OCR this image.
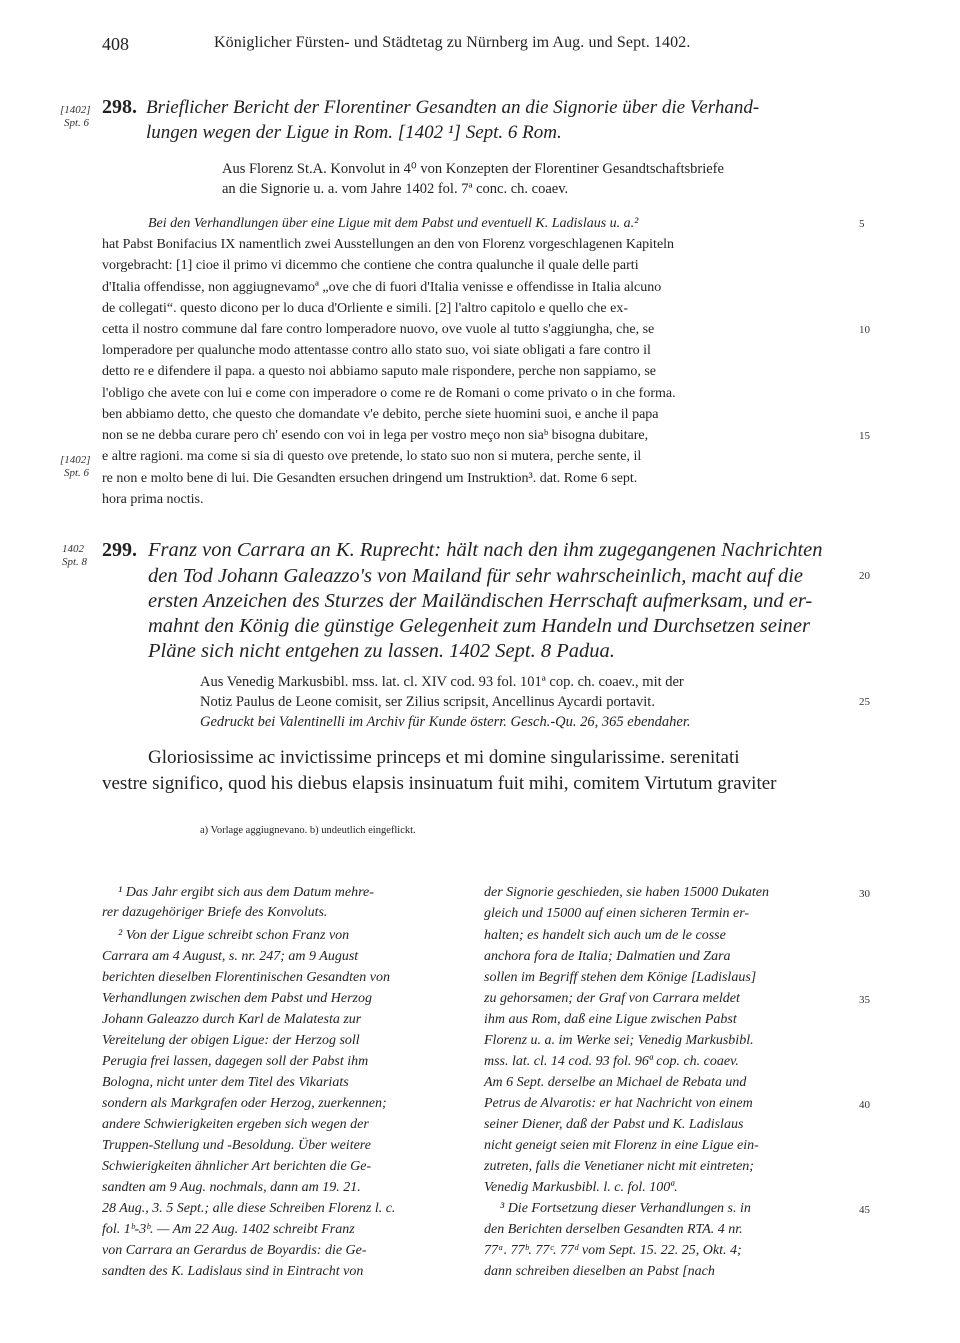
408	Königlicher Fürsten- und Städtetag zu Nürnberg im Aug. und Sept. 1402.
[1402]
Spt. 6
298. Brieflicher Bericht der Florentiner Gesandten an die Signorie über die Verhand-
lungen wegen der Ligue in Rom. [1402 ¹] Sept. 6 Rom.
Aus Florenz St.A. Konvolut in 4⁰ von Konzepten der Florentiner Gesandtschaftsbriefe
an die Signorie u. a. vom Jahre 1402 fol. 7ª conc. ch. coaev.
Bei den Verhandlungen über eine Ligue mit dem Pabst und eventuell K. Ladislaus u. a.²	5
hat Pabst Bonifacius IX namentlich zwei Ausstellungen an den von Florenz vorgeschlagenen Kapiteln
vorgebracht: [1] cioe il primo vi dicemmo che contiene che contra qualunche il quale delle parti
d'Italia offendisse, non aggiugnevamoª „ove che di fuori d'Italia venisse e offendisse in Italia alcuno
de collegati“. questo dicono per lo duca d'Orliente e simili. [2] l'altro capitolo e quello che ex-
cetta il nostro commune dal fare contro lomperadore nuovo, ove vuole al tutto s'aggiungha, che, se	10
lomperadore per qualunche modo attentasse contro allo stato suo, voi siate obligati a fare contro il
detto re e difendere il papa. a questo noi abbiamo saputo male rispondere, perche non sappiamo, se
l'obligo che avete con lui e come con imperadore o come re de Romani o come privato o in che forma.
ben abbiamo detto, che questo che domandate v'e debito, perche siete huomini suoi, e anche il papa
non se ne debba curare pero ch' esendo con voi in lega per vostro meço non siaᵇ bisogna dubitare,	15
e altre ragioni. ma come si sia di questo ove pretende, lo stato suo non si mutera, perche sente, il
re non e molto bene di lui. Die Gesandten ersuchen dringend um Instruktion³. dat. Rome 6 sept.
hora prima noctis.
[1402]
Spt. 6
1402
Spt. 8
299. Franz von Carrara an K. Ruprecht: hält nach den ihm zugegangenen Nachrichten
den Tod Johann Galeazzo's von Mailand für sehr wahrscheinlich, macht auf die	20
ersten Anzeichen des Sturzes der Mailändischen Herrschaft aufmerksam, und er-
mahnt den König die günstige Gelegenheit zum Handeln und Durchsetzen seiner
Pläne sich nicht entgehen zu lassen. 1402 Sept. 8 Padua.
Aus Venedig Markusbibl. mss. lat. cl. XIV cod. 93 fol. 101ª cop. ch. coaev., mit der
Notiz Paulus de Leone comisit, ser Zilius scripsit, Ancellinus Aycardi portavit.	25
Gedruckt bei Valentinelli im Archiv für Kunde österr. Gesch.-Qu. 26, 365 ebendaher.
Gloriosissime ac invictissime princeps et mi domine singularissime. serenitati
vestre significo, quod his diebus elapsis insinuatum fuit mihi, comitem Virtutum graviter
a) Vorlage aggiugnevano. b) undeutlich eingeflickt.
¹ Das Jahr ergibt sich aus dem Datum mehre-
rer dazugehöriger Briefe des Konvoluts.
² Von der Ligue schreibt schon Franz von
Carrara am 4 August, s. nr. 247; am 9 August
berichten dieselben Florentinischen Gesandten von
Verhandlungen zwischen dem Pabst und Herzog
Johann Galeazzo durch Karl de Malatesta zur
Vereitelung der obigen Ligue: der Herzog soll
Perugia frei lassen, dagegen soll der Pabst ihm
Bologna, nicht unter dem Titel des Vikariats
sondern als Markgrafen oder Herzog, zuerkennen;
andere Schwierigkeiten ergeben sich wegen der
Truppen-Stellung und -Besoldung. Über weitere
Schwierigkeiten ähnlicher Art berichten die Ge-
sandten am 9 Aug. nochmals, dann am 19. 21.
28 Aug., 3. 5 Sept.; alle diese Schreiben Florenz l. c.
fol. 1ᵇ-3ᵇ. — Am 22 Aug. 1402 schreibt Franz
von Carrara an Gerardus de Boyardis: die Ge-
sandten des K. Ladislaus sind in Eintracht von
der Signorie geschieden, sie haben 15000 Dukaten	30
gleich und 15000 auf einen sicheren Termin er-
halten; es handelt sich auch um de le cosse
anchora fora de Italia; Dalmatien und Zara
sollen im Begriff stehen dem Könige [Ladislaus]
zu gehorsamen; der Graf von Carrara meldet	35
ihm aus Rom, daß eine Ligue zwischen Pabst
Florenz u. a. im Werke sei; Venedig Markusbibl.
mss. lat. cl. 14 cod. 93 fol. 96ª cop. ch. coaev.
Am 6 Sept. derselbe an Michael de Rebata und
Petrus de Alvarotis: er hat Nachricht von einem	40
seiner Diener, daß der Pabst und K. Ladislaus
nicht geneigt seien mit Florenz in eine Ligue ein-
zutreten, falls die Venetianer nicht mit eintreten;
Venedig Markusbibl. l. c. fol. 100ª.
³ Die Fortsetzung dieser Verhandlungen s. in	45
den Berichten derselben Gesandten RTA. 4 nr.
77ᵃ. 77ᵇ. 77ᶜ. 77ᵈ vom Sept. 15. 22. 25, Okt. 4;
dann schreiben dieselben an Pabst [nach
